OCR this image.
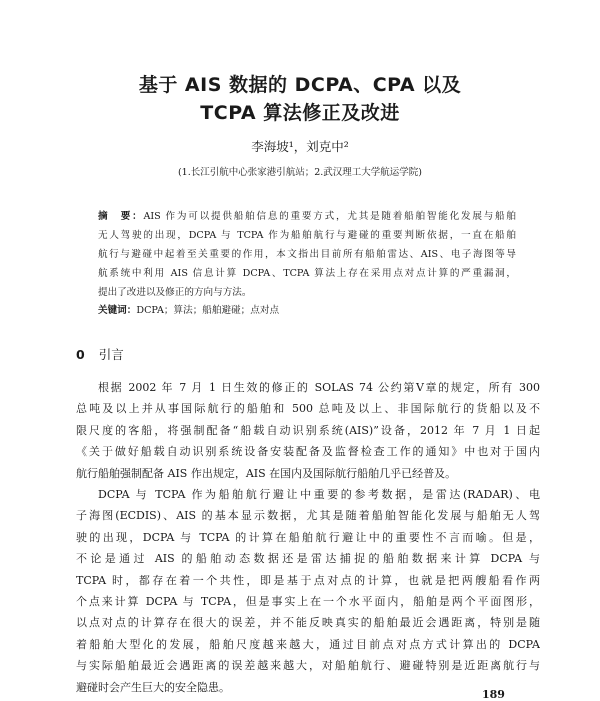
基于 AIS 数据的 DCPA、CPA 以及
TCPA 算法修正及改进
李海坡¹，刘克中²
(1.长江引航中心张家港引航站；2.武汉理工大学航运学院)
摘　要：AIS 作为可以提供船舶信息的重要方式，尤其是随着船舶智能化发展与船舶
无人驾驶的出现，DCPA 与 TCPA 作为船舶航行与避碰的重要判断依据，一直在船舶
航行与避碰中起着至关重要的作用，本文指出目前所有船舶雷达、AIS、电子海图等导
航系统中利用 AIS 信息计算 DCPA、TCPA 算法上存在采用点对点计算的严重漏洞，
提出了改进以及修正的方向与方法。
关键词：DCPA；算法；船舶避碰；点对点
0 引言
根据 2002 年 7 月 1 日生效的修正的 SOLAS 74 公约第Ⅴ章的规定，所有 300
总吨及以上并从事国际航行的船舶和 500 总吨及以上、非国际航行的货船以及不
限尺度的客船，将强制配备“船载自动识别系统(AIS)”设备，2012 年 7 月 1 日起
《关于做好船载自动识别系统设备安装配备及监督检查工作的通知》中也对于国内
航行船舶强制配备 AIS 作出规定，AIS 在国内及国际航行船舶几乎已经普及。
DCPA 与 TCPA 作为船舶航行避让中重要的参考数据，是雷达(RADAR)、电
子海图(ECDIS)、AIS 的基本显示数据，尤其是随着船舶智能化发展与船舶无人驾
驶的出现，DCPA 与 TCPA 的计算在船舶航行避让中的重要性不言而喻。但是，
不论是通过 AIS 的船舶动态数据还是雷达捕捉的船舶数据来计算 DCPA 与
TCPA 时，都存在着一个共性，即是基于点对点的计算，也就是把两艘船看作两
个点来计算 DCPA 与 TCPA，但是事实上在一个水平面内，船舶是两个平面图形，
以点对点的计算存在很大的误差，并不能反映真实的船舶最近会遇距离，特别是随
着船舶大型化的发展，船舶尺度越来越大，通过目前点对点方式计算出的 DCPA
与实际船舶最近会遇距离的误差越来越大，对船舶航行、避碰特别是近距离航行与
避碰时会产生巨大的安全隐患。
189
